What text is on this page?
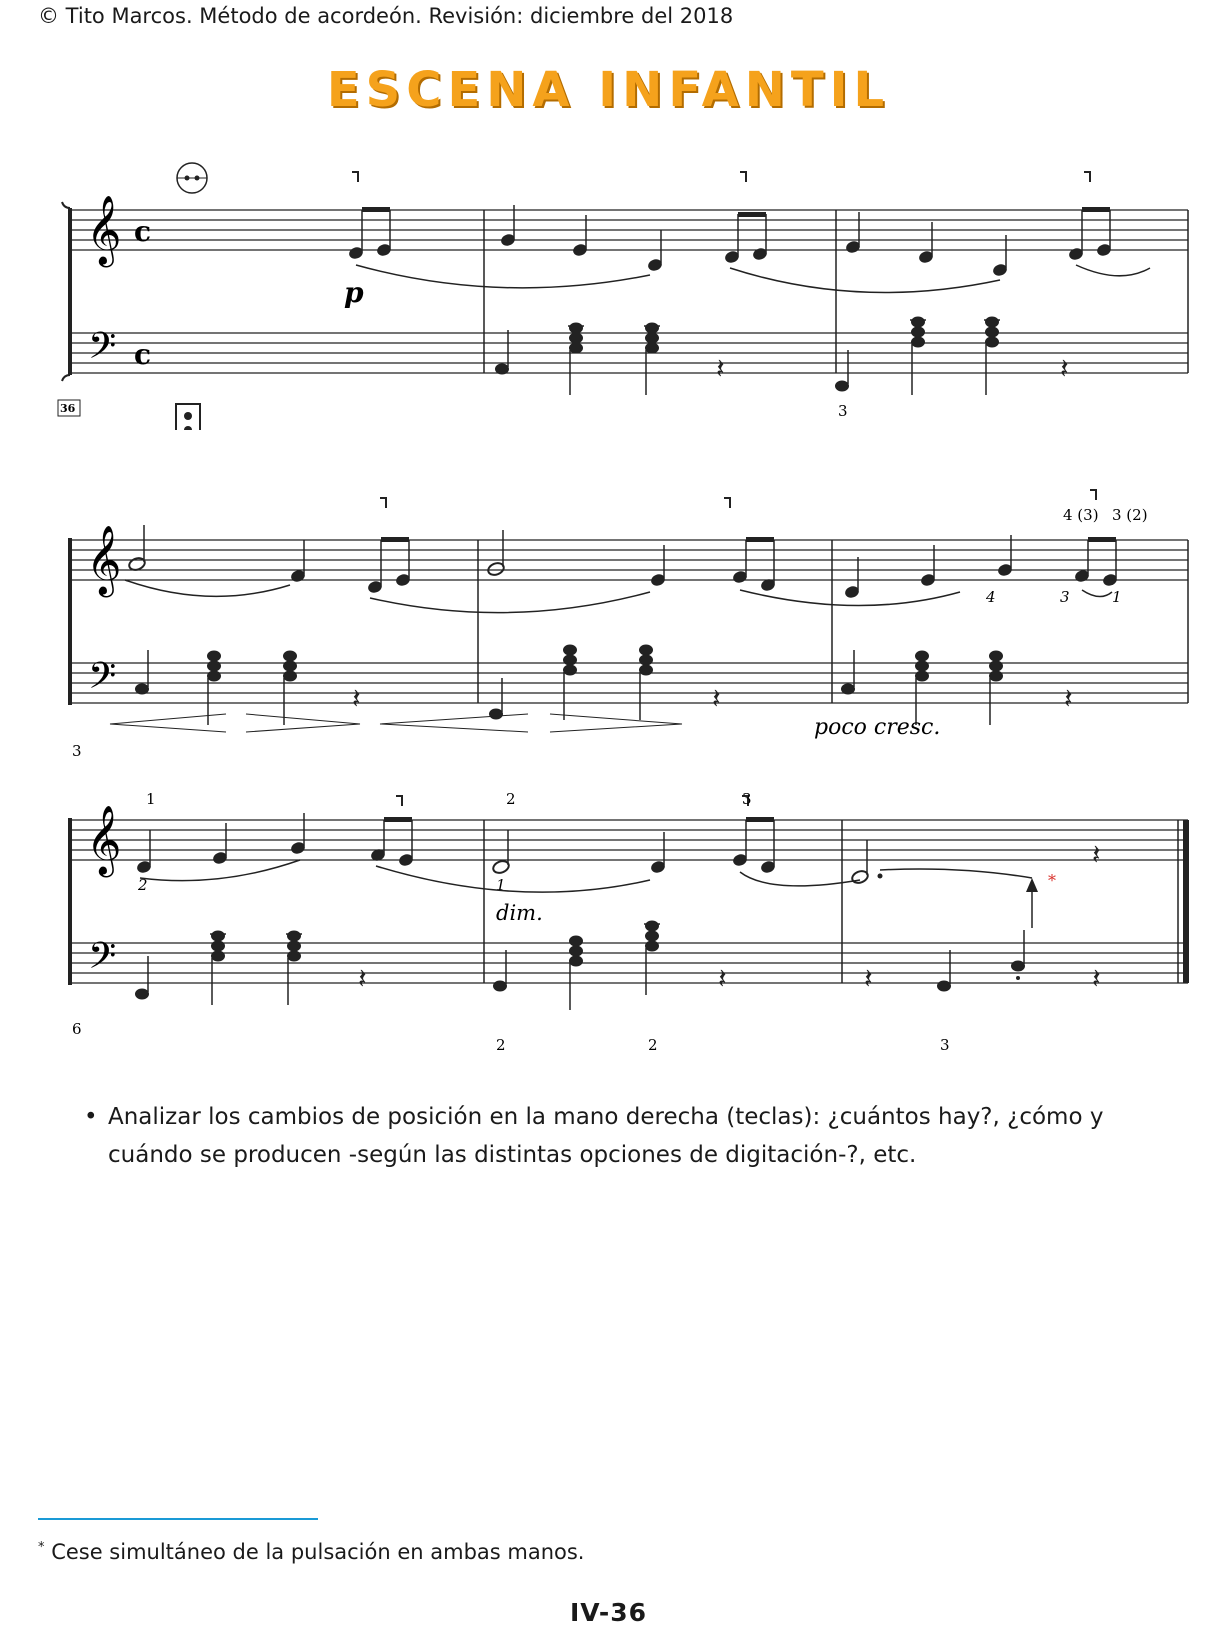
© Tito Marcos. Método de acordeón. Revisión: diciembre del 2018
ESCENA INFANTIL
𝄞
𝄢
c
c
p
𝄽	𝄽
36	3
𝄞
𝄢
4 (3) 3 (2)
4	3	1
𝄽	𝄽	𝄽
3
poco cresc.
𝄞
𝄢
𝄽
*
1	2	3
2	1
dim.
𝄽	𝄽	𝄽	𝄽
6
2	2	3
• Analizar los cambios de posición en la mano derecha (teclas): ¿cuántos hay?, ¿cómo y cuándo se producen -según las distintas opciones de digitación-?, etc.
* Cese simultáneo de la pulsación en ambas manos.
IV-36
